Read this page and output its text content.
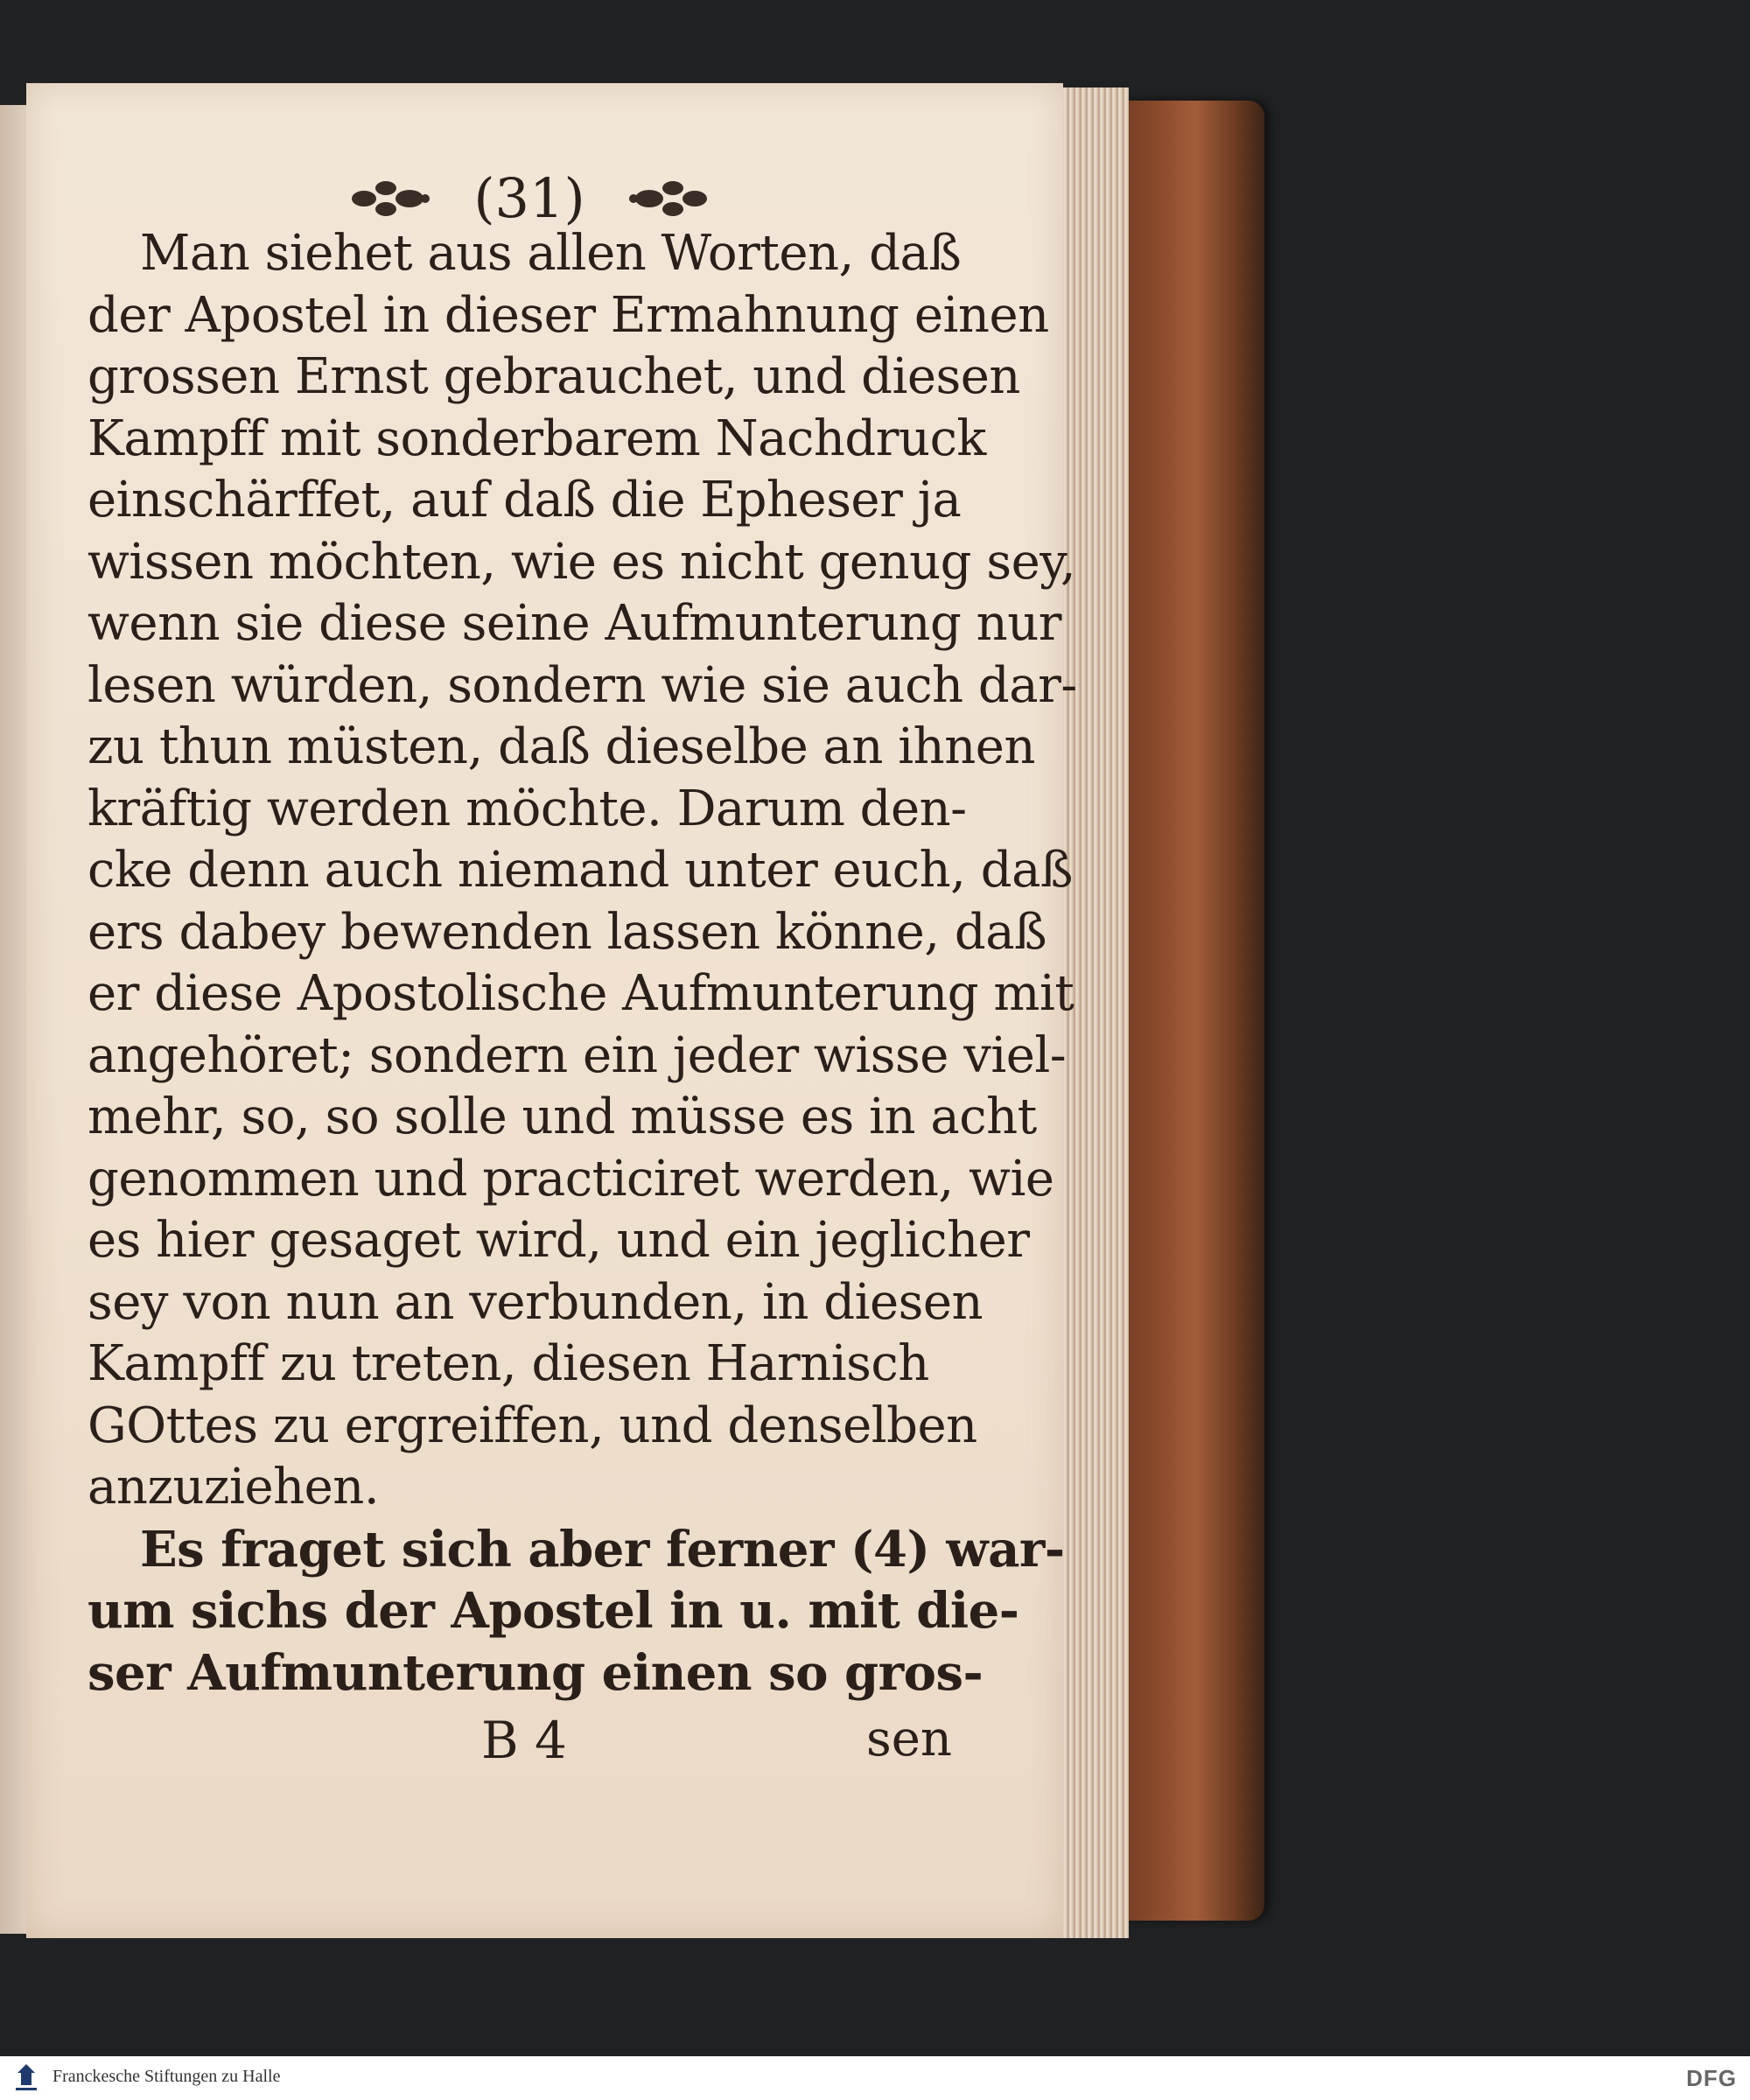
(31)
Man siehet aus allen Worten, daß
der Apostel in dieser Ermahnung einen
grossen Ernst gebrauchet, und diesen
Kampff mit sonderbarem Nachdruck
einschärffet, auf daß die Epheser ja
wissen möchten, wie es nicht genug sey,
wenn sie diese seine Aufmunterung nur
lesen würden, sondern wie sie auch dar-
zu thun müsten, daß dieselbe an ihnen
kräftig werden möchte. Darum den-
cke denn auch niemand unter euch, daß
ers dabey bewenden lassen könne, daß
er diese Apostolische Aufmunterung mit
angehöret; sondern ein jeder wisse viel-
mehr, so, so solle und müsse es in acht
genommen und practiciret werden, wie
es hier gesaget wird, und ein jeglicher
sey von nun an verbunden, in diesen
Kampff zu treten, diesen Harnisch
GOttes zu ergreiffen, und denselben
anzuziehen.
Es fraget sich aber ferner (4) war-
um sichs der Apostel in u. mit die-
ser Aufmunterung einen so gros-
B 4	sen
Franckesche Stiftungen zu Halle	DFG
